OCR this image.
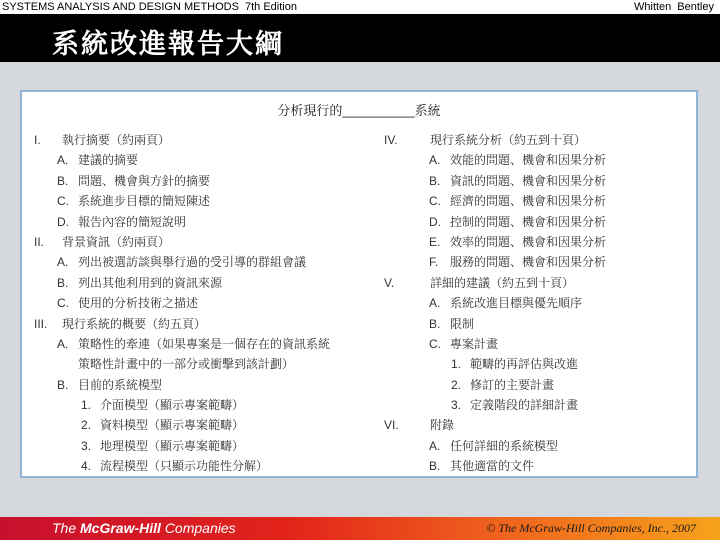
SYSTEMS ANALYSIS AND DESIGN METHODS 7th Edition	Whitten Bentley
系統改進報告大綱
分析現行的__________系統
I. 執行摘要（約兩頁）
A. 建議的摘要
B. 問題、機會與方針的摘要
C. 系統進步目標的簡短陳述
D. 報告內容的簡短說明
II. 背景資訊（約兩頁）
A. 列出被選訪談與舉行過的受引導的群組會議
B. 列出其他利用到的資訊來源
C. 使用的分析技術之描述
III. 現行系統的概要（約五頁）
A. 策略性的牽連（如果專案是一個存在的資訊系統
策略性計畫中的一部分或衝擊到該計劃）
B. 目前的系統模型
1. 介面模型（顯示專案範疇）
2. 資料模型（顯示專案範疇）
3. 地理模型（顯示專案範疇）
4. 流程模型（只顯示功能性分解）
IV.	現行系統分析（約五到十頁）
A. 效能的問題、機會和因果分析
B. 資訊的問題、機會和因果分析
C. 經濟的問題、機會和因果分析
D. 控制的問題、機會和因果分析
E. 效率的問題、機會和因果分析
F. 服務的問題、機會和因果分析
V.	詳細的建議（約五到十頁）
A. 系統改進目標與優先順序
B. 限制
C. 專案計畫
1. 範疇的再評估與改進
2. 修訂的主要計畫
3. 定義階段的詳細計畫
VI.	附錄
A. 任何詳細的系統模型
B. 其他適當的文件
The McGraw-Hill Companies	© The McGraw-Hill Companies, Inc., 2007
